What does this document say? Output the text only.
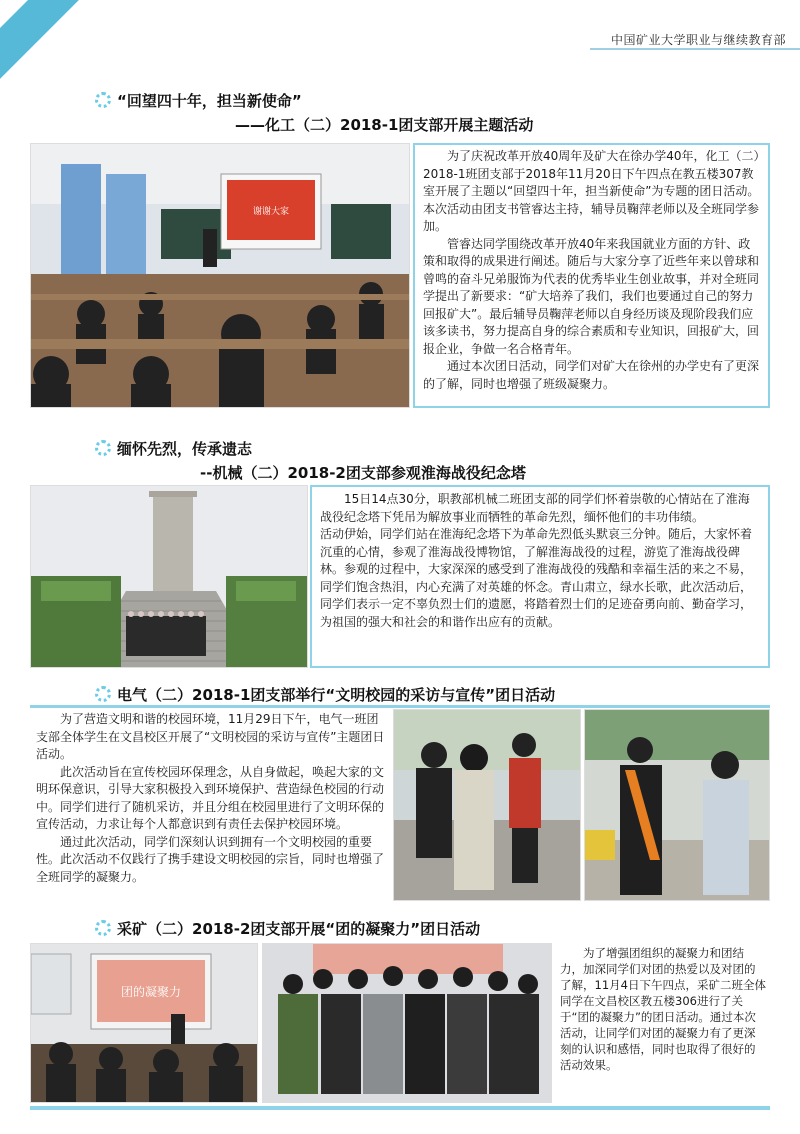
中国矿业大学职业与继续教育部
团建天地	“回望四十年，担当新使命”
——化工（二）2018-1团支部开展主题活动
谢谢大家

为了庆祝改革开放40周年及矿大在徐办学40年，化工（二）2018-1班团支部于2018年11月20日下午四点在教五楼307教室开展了主题以“回望四十年，担当新使命”为专题的团日活动。本次活动由团支书管睿达主持，辅导员鞠萍老师以及全班同学参加。

管睿达同学围绕改革开放40年来我国就业方面的方针、政策和取得的成果进行阐述。随后与大家分享了近些年来以曾球和曾鸣的奋斗兄弟服饰为代表的优秀毕业生创业故事，并对全班同学提出了新要求：“矿大培养了我们，我们也要通过自己的努力回报矿大”。最后辅导员鞠萍老师以自身经历谈及现阶段我们应该多读书，努力提高自身的综合素质和专业知识，回报矿大，回报企业，争做一名合格青年。

通过本次团日活动，同学们对矿大在徐州的办学史有了更深的了解，同时也增强了班级凝聚力。

缅怀先烈，传承遗志
--机械（二）2018-2团支部参观淮海战役纪念塔

15日14点30分，职教部机械二班团支部的同学们怀着崇敬的心情站在了淮海战役纪念塔下凭吊为解放事业而牺牲的革命先烈，缅怀他们的丰功伟绩。

活动伊始，同学们站在淮海纪念塔下为革命先烈低头默哀三分钟。随后，大家怀着沉重的心情，参观了淮海战役博物馆，了解淮海战役的过程，游览了淮海战役碑林。参观的过程中，大家深深的感受到了淮海战役的残酷和幸福生活的来之不易，同学们饱含热泪，内心充满了对英雄的怀念。青山肃立，绿水长歌，此次活动后，同学们表示一定不辜负烈士们的遗愿，将踏着烈士们的足迹奋勇向前、勤奋学习，为祖国的强大和社会的和谐作出应有的贡献。

电气（二）2018-1团支部举行“文明校园的采访与宣传”团日活动

为了营造文明和谐的校园环境，11月29日下午，电气一班团支部全体学生在文昌校区开展了“文明校园的采访与宣传”主题团日活动。

此次活动旨在宣传校园环保理念，从自身做起，唤起大家的文明环保意识，引导大家积极投入到环境保护、营造绿色校园的行动中。同学们进行了随机采访，并且分组在校园里进行了文明环保的宣传活动，力求让每个人都意识到有责任去保护校园环境。

通过此次活动，同学们深刻认识到拥有一个文明校园的重要性。此次活动不仅践行了携手建设文明校园的宗旨，同时也增强了全班同学的凝聚力。

采矿（二）2018-2团支部开展“团的凝聚力”团日活动
团的凝聚力

为了增强团组织的凝聚力和团结力，加深同学们对团的热爱以及对团的了解，11月4日下午四点，采矿二班全体同学在文昌校区教五楼306进行了关于“团的凝聚力”的团日活动。通过本次活动，让同学们对团的凝聚力有了更深刻的认识和感悟，同时也取得了很好的活动效果。
